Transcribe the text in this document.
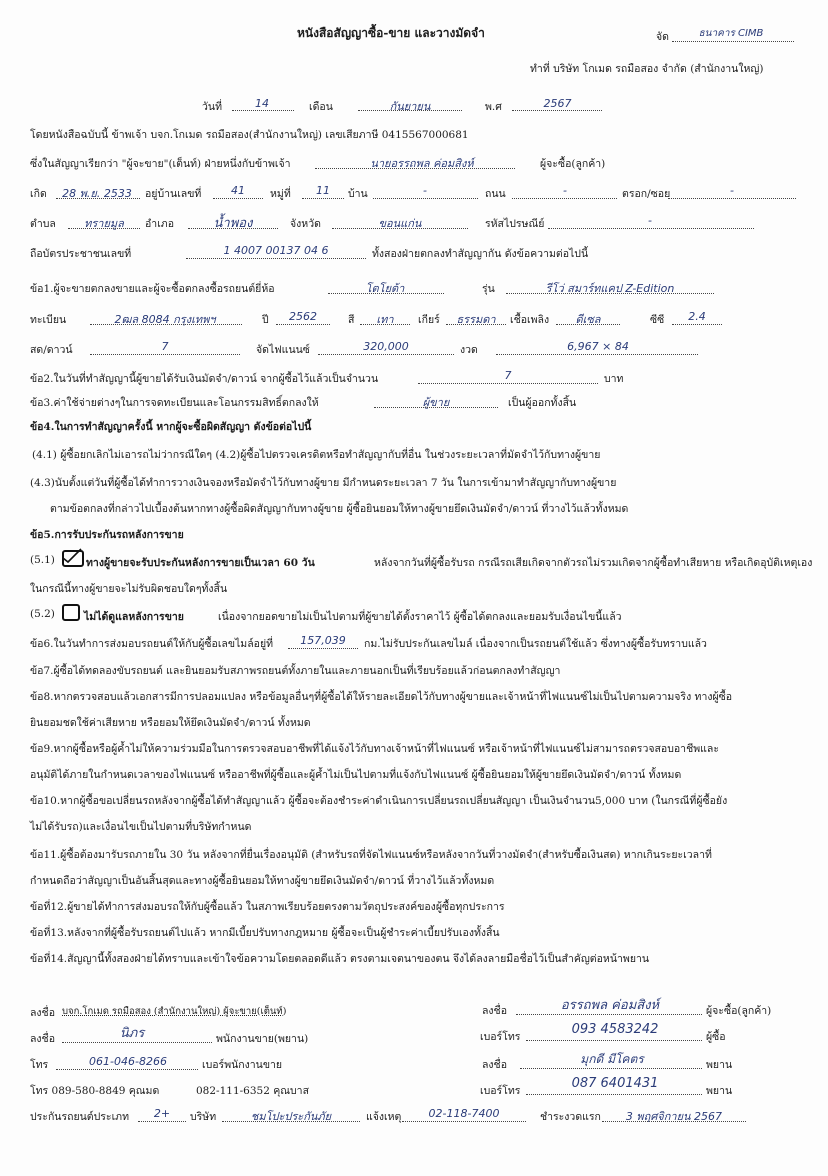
หนังสือสัญญาซื้อ-ขาย และวางมัดจำ	จัด	ธนาคาร CIMB
ทำที่ บริษัท โกเมด รถมือสอง จำกัด (สำนักงานใหญ่)
วันที่	14	เดือน	กันยายน	พ.ศ	2567
โดยหนังสือฉบับนี้ ข้าพเจ้า บจก.โกเมด รถมือสอง(สำนักงานใหญ่) เลขเสียภาษี 0415567000681
ซึ่งในสัญญาเรียกว่า "ผู้จะขาย"(เต็นท์) ฝ่ายหนึ่งกับข้าพเจ้า	นายอรรถพล ค่อมสิงห์	ผู้จะซื้อ(ลูกค้า)
เกิด	28 พ.ย. 2533	อยู่บ้านเลขที่	41	หมู่ที่	11	บ้าน	-	ถนน	-	ตรอก/ซอย	-
ตำบล	ทรายมูล	อำเภอ	น้ำพอง	จังหวัด	ขอนแก่น	รหัสไปรษณีย์	-
ถือบัตรประชาชนเลขที่	1 4007 00137 04 6	ทั้งสองฝ่ายตกลงทำสัญญากัน ดังข้อความต่อไปนี้
ข้อ1.ผู้จะขายตกลงขายและผู้จะซื้อตกลงซื้อรถยนต์ยี่ห้อ	โตโยต้า	รุ่น	รีโว่ สมาร์ทแคป Z-Edition
ทะเบียน	2ฒล 8084 กรุงเทพฯ	ปี	2562	สี	เทา	เกียร์	ธรรมดา	เชื้อเพลิง	ดีเซล	ซีซี	2.4
สด/ดาวน์	7	จัดไฟแนนซ์	320,000	งวด	6,967 × 84
ข้อ2.ในวันที่ทำสัญญานี้ผู้ขายได้รับเงินมัดจำ/ดาวน์ จากผู้ซื้อไว้แล้วเป็นจำนวน	7	บาท
ข้อ3.ค่าใช้จ่ายต่างๆในการจดทะเบียนและโอนกรรมสิทธิ์ตกลงให้	ผู้ขาย	เป็นผู้ออกทั้งสิ้น
ข้อ4.ในการทำสัญญาครั้งนี้ หากผู้จะซื้อผิดสัญญา ดังข้อต่อไปนี้
(4.1) ผู้ซื้อยกเลิกไม่เอารถไม่ว่ากรณีใดๆ (4.2)ผู้ซื้อไปตรวจเครดิตหรือทำสัญญากับที่อื่น ในช่วงระยะเวลาที่มัดจำไว้กับทางผู้ขาย
(4.3)นับตั้งแต่วันที่ผู้ซื้อได้ทำการวางเงินจองหรือมัดจำไว้กับทางผู้ขาย มีกำหนดระยะเวลา 7 วัน ในการเข้ามาทำสัญญากับทางผู้ขาย
ตามข้อตกลงที่กล่าวไปเบื้องต้นหากทางผู้ซื้อผิดสัญญากับทางผู้ขาย ผู้ซื้อยินยอมให้ทางผู้ขายยึดเงินมัดจำ/ดาวน์ ที่วางไว้แล้วทั้งหมด
ข้อ5.การรับประกันรถหลังการขาย
(5.1)	ทางผู้ขายจะรับประกันหลังการขายเป็นเวลา 60 วัน	หลังจากวันที่ผู้ซื้อรับรถ กรณีรถเสียเกิดจากตัวรถไม่รวมเกิดจากผู้ซื้อทำเสียหาย หรือเกิดอุบัติเหตุเอง
ในกรณีนี้ทางผู้ขายจะไม่รับผิดชอบใดๆทั้งสิ้น
(5.2)	ไม่ได้ดูแลหลังการขาย	เนื่องจากยอดขายไม่เป็นไปตามที่ผู้ขายได้ตั้งราคาไว้ ผู้ซื้อได้ตกลงและยอมรับเงื่อนไขนี้แล้ว
ข้อ6.ในวันทำการส่งมอบรถยนต์ให้กับผู้ซื้อเลขไมล์อยู่ที่	157,039	กม.ไม่รับประกันเลขไมล์ เนื่องจากเป็นรถยนต์ใช้แล้ว ซึ่งทางผู้ซื้อรับทราบแล้ว
ข้อ7.ผู้ซื้อได้ทดลองขับรถยนต์ และยินยอมรับสภาพรถยนต์ทั้งภายในและภายนอกเป็นที่เรียบร้อยแล้วก่อนตกลงทำสัญญา
ข้อ8.หากตรวจสอบแล้วเอกสารมีการปลอมแปลง หรือข้อมูลอื่นๆที่ผู้ซื้อได้ให้รายละเอียดไว้กับทางผู้ขายและเจ้าหน้าที่ไฟแนนซ์ไม่เป็นไปตามความจริง ทางผู้ซื้อ
ยินยอมชดใช้ค่าเสียหาย หรือยอมให้ยึดเงินมัดจำ/ดาวน์ ทั้งหมด
ข้อ9.หากผู้ซื้อหรือผู้ค้ำไม่ให้ความร่วมมือในการตรวจสอบอาชีพที่ได้แจ้งไว้กับทางเจ้าหน้าที่ไฟแนนซ์ หรือเจ้าหน้าที่ไฟแนนซ์ไม่สามารถตรวจสอบอาชีพและ
อนุมัติได้ภายในกำหนดเวลาของไฟแนนซ์ หรืออาชีพที่ผู้ซื้อและผู้ค้ำไม่เป็นไปตามที่แจ้งกับไฟแนนซ์ ผู้ซื้อยินยอมให้ผู้ขายยึดเงินมัดจำ/ดาวน์ ทั้งหมด
ข้อ10.หากผู้ซื้อขอเปลี่ยนรถหลังจากผู้ซื้อได้ทำสัญญาแล้ว ผู้ซื้อจะต้องชำระค่าดำเนินการเปลี่ยนรถเปลี่ยนสัญญา เป็นเงินจำนวน5,000 บาท (ในกรณีที่ผู้ซื้อยัง
ไม่ได้รับรถ)และเงื่อนไขเป็นไปตามที่บริษัทกำหนด
ข้อ11.ผู้ซื้อต้องมารับรถภายใน 30 วัน หลังจากที่ยื่นเรื่องอนุมัติ (สำหรับรถที่จัดไฟแนนซ์หรือหลังจากวันที่วางมัดจำ(สำหรับซื้อเงินสด) หากเกินระยะเวลาที่
กำหนดถือว่าสัญญาเป็นอันสิ้นสุดและทางผู้ซื้อยินยอมให้ทางผู้ขายยึดเงินมัดจำ/ดาวน์ ที่วางไว้แล้วทั้งหมด
ข้อที่12.ผู้ขายได้ทำการส่งมอบรถให้กับผู้ซื้อแล้ว ในสภาพเรียบร้อยตรงตามวัตถุประสงค์ของผู้ซื้อทุกประการ
ข้อที่13.หลังจากที่ผู้ซื้อรับรถยนต์ไปแล้ว หากมีเบี้ยปรับทางกฎหมาย ผู้ซื้อจะเป็นผู้ชำระค่าเบี้ยปรับเองทั้งสิ้น
ข้อที่14.สัญญานี้ทั้งสองฝ่ายได้ทราบและเข้าใจข้อความโดยตลอดดีแล้ว ตรงตามเจตนาของตน จึงได้ลงลายมือชื่อไว้เป็นสำคัญต่อหน้าพยาน
ลงชื่อ บจก.โกเมด รถมือสอง (สำนักงานใหญ่) ผู้จะขาย(เต็นท์)
ลงชื่อ	นิภร	พนักงานขาย(พยาน)
โทร	061-046-8266	เบอร์พนักงานขาย
โทร 089-580-8849 คุณมด	082-111-6352 คุณบาส
ลงชื่อ	อรรถพล ค่อมสิงห์	ผู้จะซื้อ(ลูกค้า)
เบอร์โทร	093 4583242	ผู้ซื้อ
ลงชื่อ	มุกดี มีโคตร	พยาน
เบอร์โทร	087 6401431	พยาน
ประกันรถยนต์ประเภท	2+	บริษัท	ชมโปะประกันภัย	แจ้งเหตุ	02-118-7400	ชำระงวดแรก	3 พฤศจิกายน 2567
